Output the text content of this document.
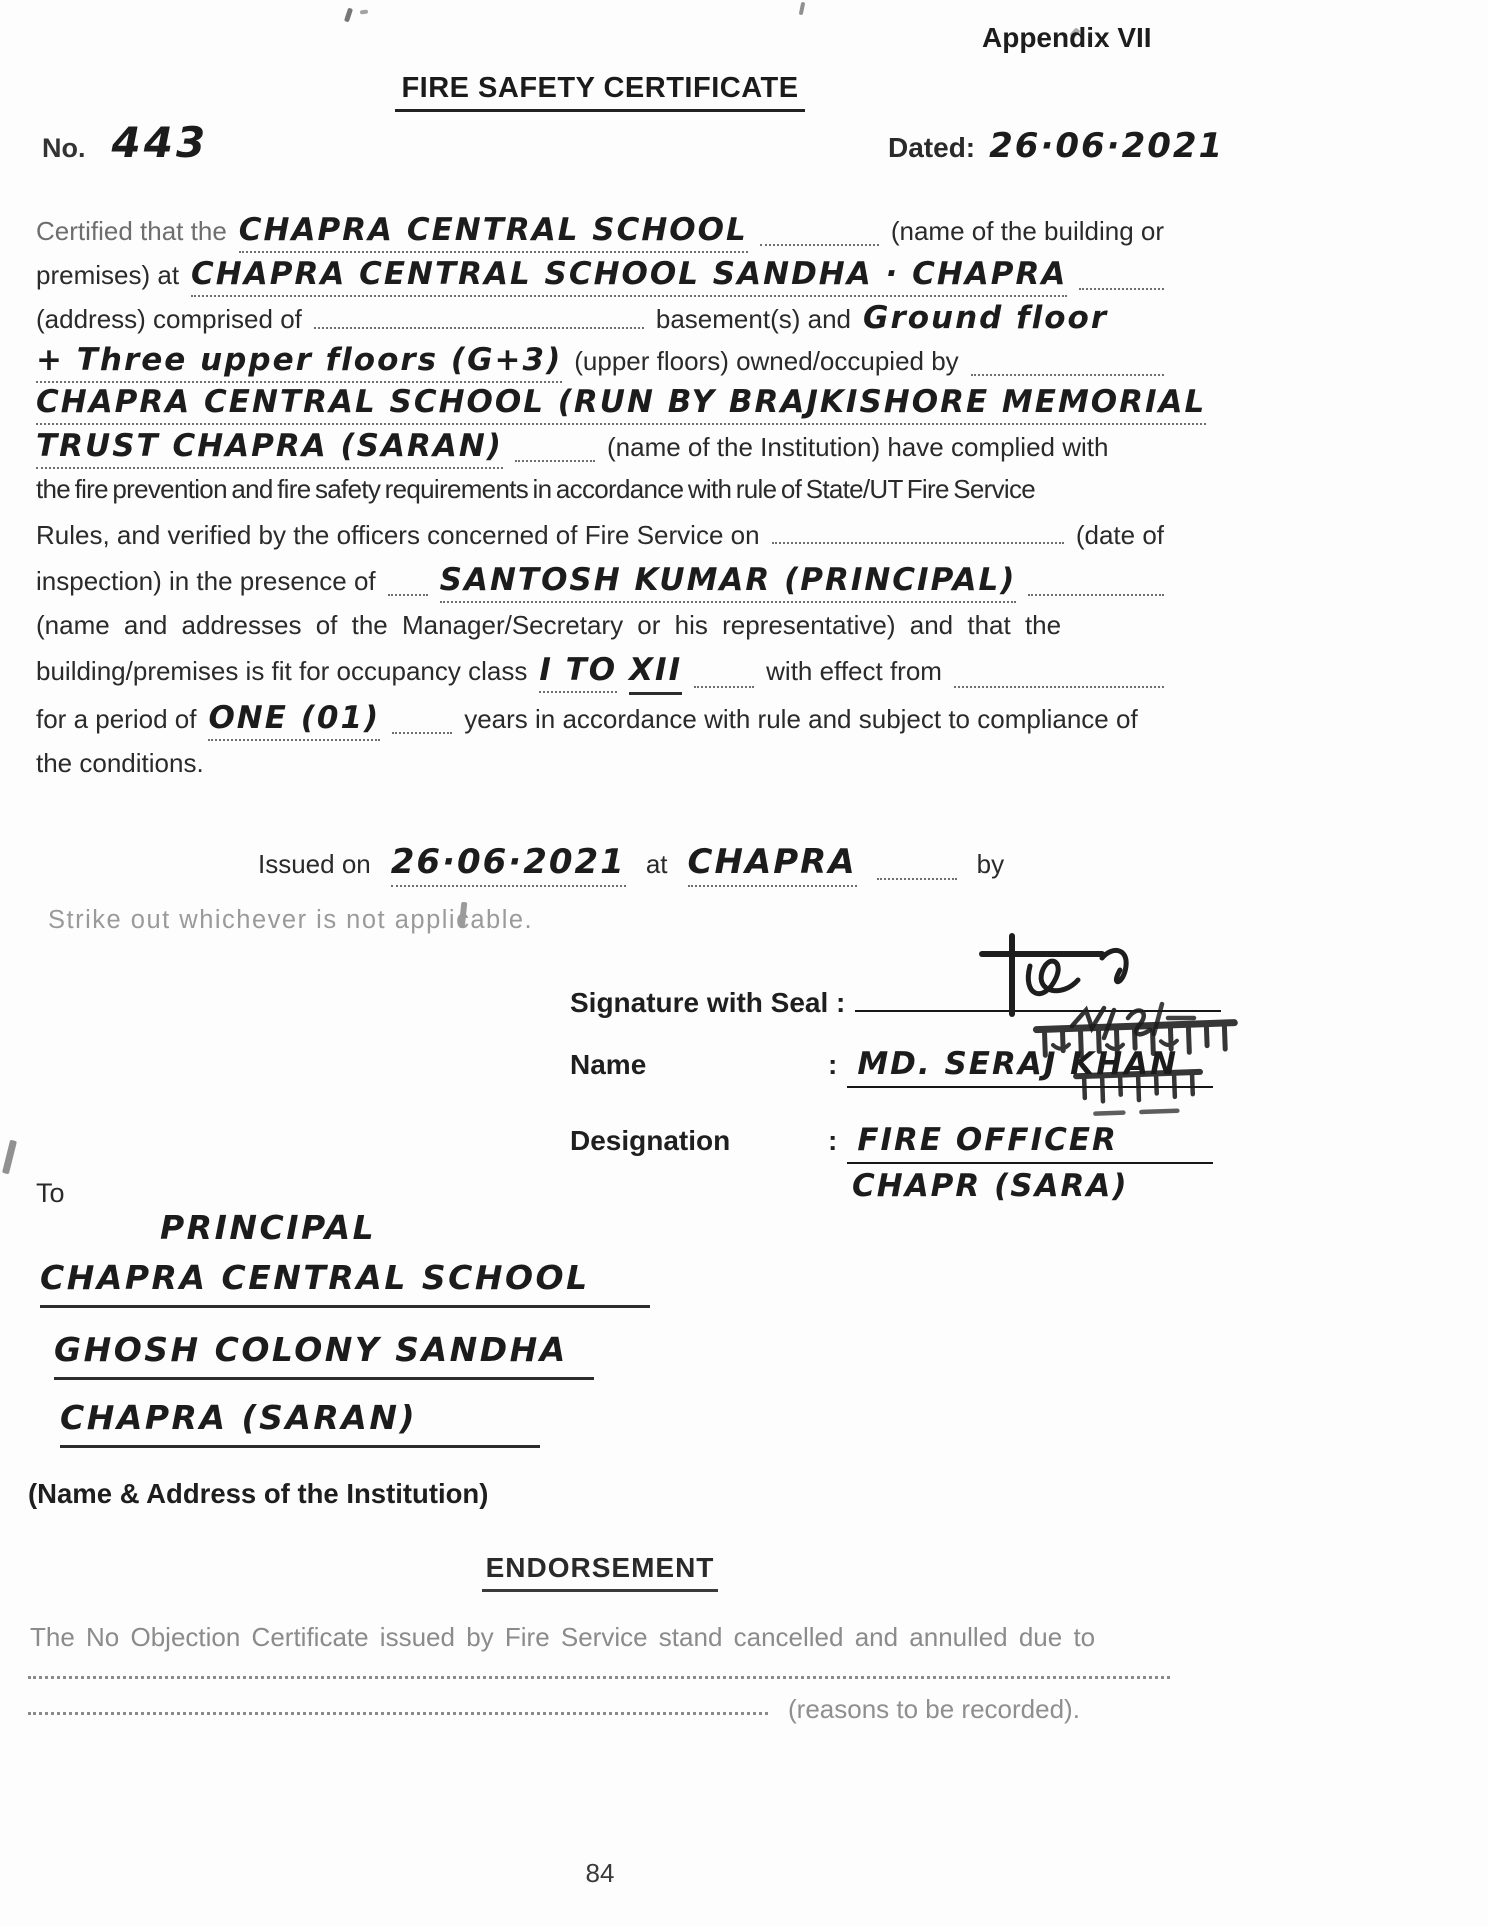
Appendix VII
FIRE SAFETY CERTIFICATE
No. 443	Dated: 26·06·2021
Certified that the CHAPRA CENTRAL SCHOOL	(name of the building or
premises) at CHAPRA CENTRAL SCHOOL SANDHA · CHAPRA
(address) comprised of	basement(s) and Ground floor
+ Three upper floors (G+3) (upper floors) owned/occupied by
CHAPRA CENTRAL SCHOOL (RUN BY BRAJKISHORE MEMORIAL
TRUST CHAPRA (SARAN)	(name of the Institution) have complied with
the fire prevention and fire safety requirements in accordance with rule of State/UT Fire Service
Rules, and verified by the officers concerned of Fire Service on	(date of
inspection) in the presence of SANTOSH KUMAR (PRINCIPAL)
(name and addresses of the Manager/Secretary or his representative) and that the
building/premises is fit for occupancy class I TO XII	with effect from
for a period of ONE (01)	years in accordance with rule and subject to compliance of
the conditions.
Issued on 26·06·2021 at CHAPRA	by
Strike out whichever is not applicable.
Signature with Seal :
Name	: MD. SERAJ KHAN
Designation	: FIRE OFFICER
CHAPR (SARA)
To
PRINCIPAL
CHAPRA CENTRAL SCHOOL
GHOSH COLONY SANDHA
CHAPRA (SARAN)
(Name & Address of the Institution)
ENDORSEMENT
The No Objection Certificate issued by Fire Service stand cancelled and annulled due to
(reasons to be recorded).
84
